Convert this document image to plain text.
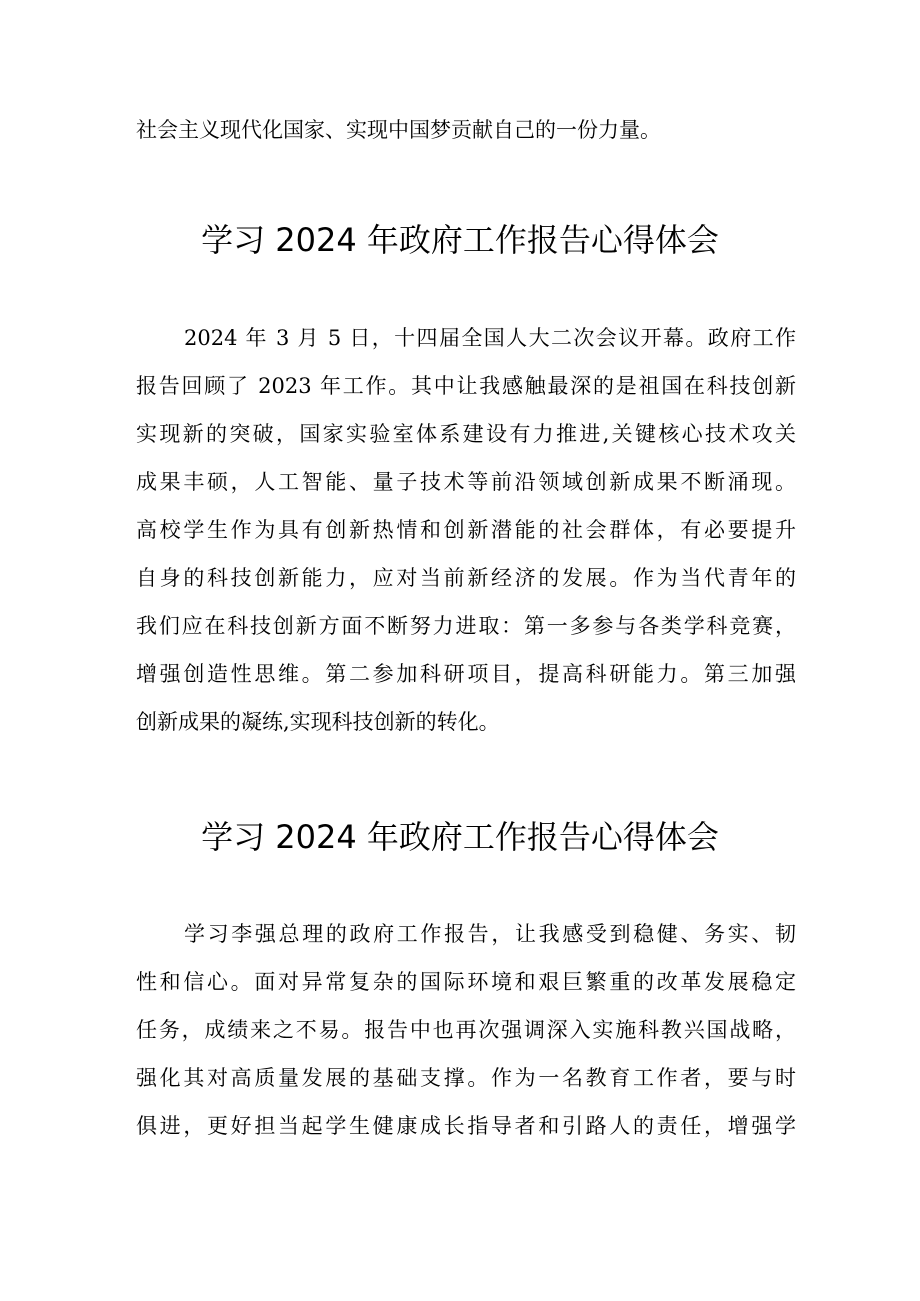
社会主义现代化国家、实现中国梦贡献自己的一份力量。
学习 2024 年政府工作报告心得体会
2024 年 3 月 5 日，十四届全国人大二次会议开幕。政府工作
报告回顾了 2023 年工作。其中让我感触最深的是祖国在科技创新
实现新的突破，国家实验室体系建设有力推进,关键核心技术攻关
成果丰硕，人工智能、量子技术等前沿领域创新成果不断涌现。
高校学生作为具有创新热情和创新潜能的社会群体，有必要提升
自身的科技创新能力，应对当前新经济的发展。作为当代青年的
我们应在科技创新方面不断努力进取：第一多参与各类学科竞赛，
增强创造性思维。第二参加科研项目，提高科研能力。第三加强
创新成果的凝练,实现科技创新的转化。
学习 2024 年政府工作报告心得体会
学习李强总理的政府工作报告，让我感受到稳健、务实、韧
性和信心。面对异常复杂的国际环境和艰巨繁重的改革发展稳定
任务，成绩来之不易。报告中也再次强调深入实施科教兴国战略，
强化其对高质量发展的基础支撑。作为一名教育工作者，要与时
俱进，更好担当起学生健康成长指导者和引路人的责任，增强学
